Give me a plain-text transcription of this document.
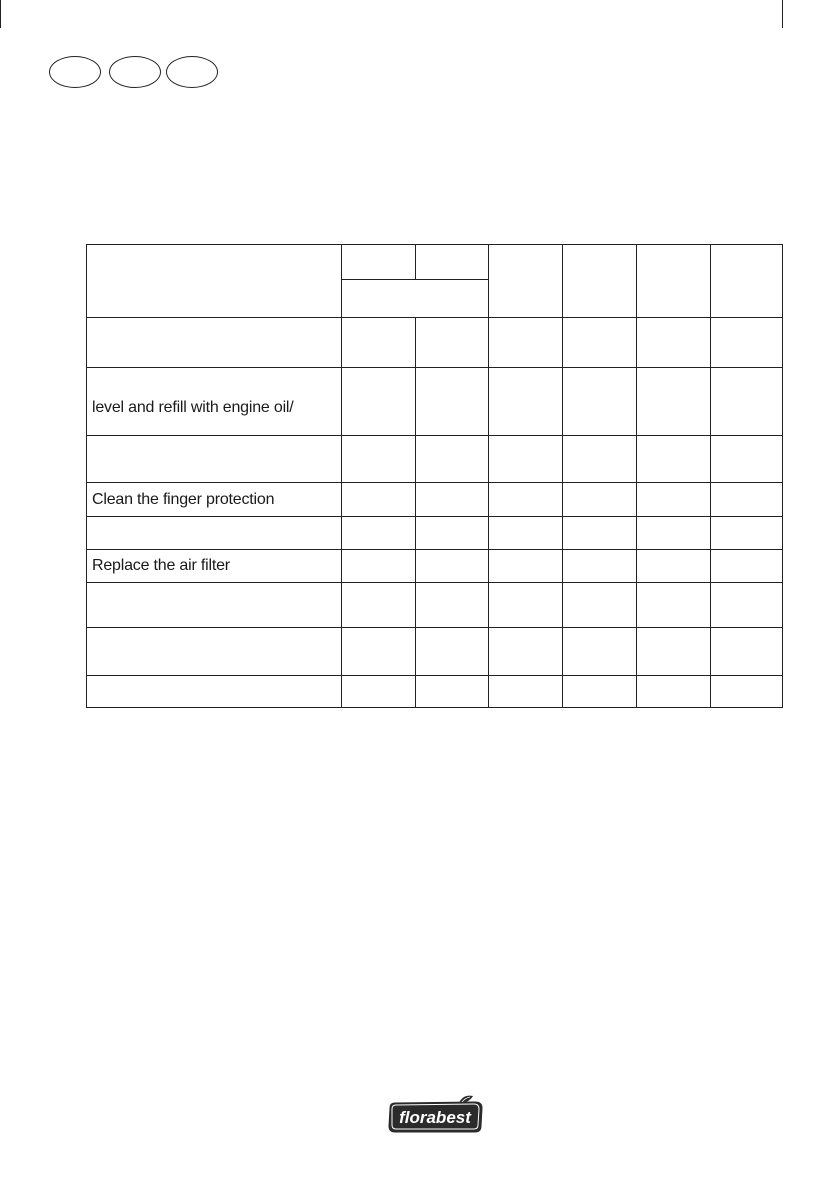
level and refill with engine oil/						

Clean the finger protection						

Replace the air filter						

florabest
